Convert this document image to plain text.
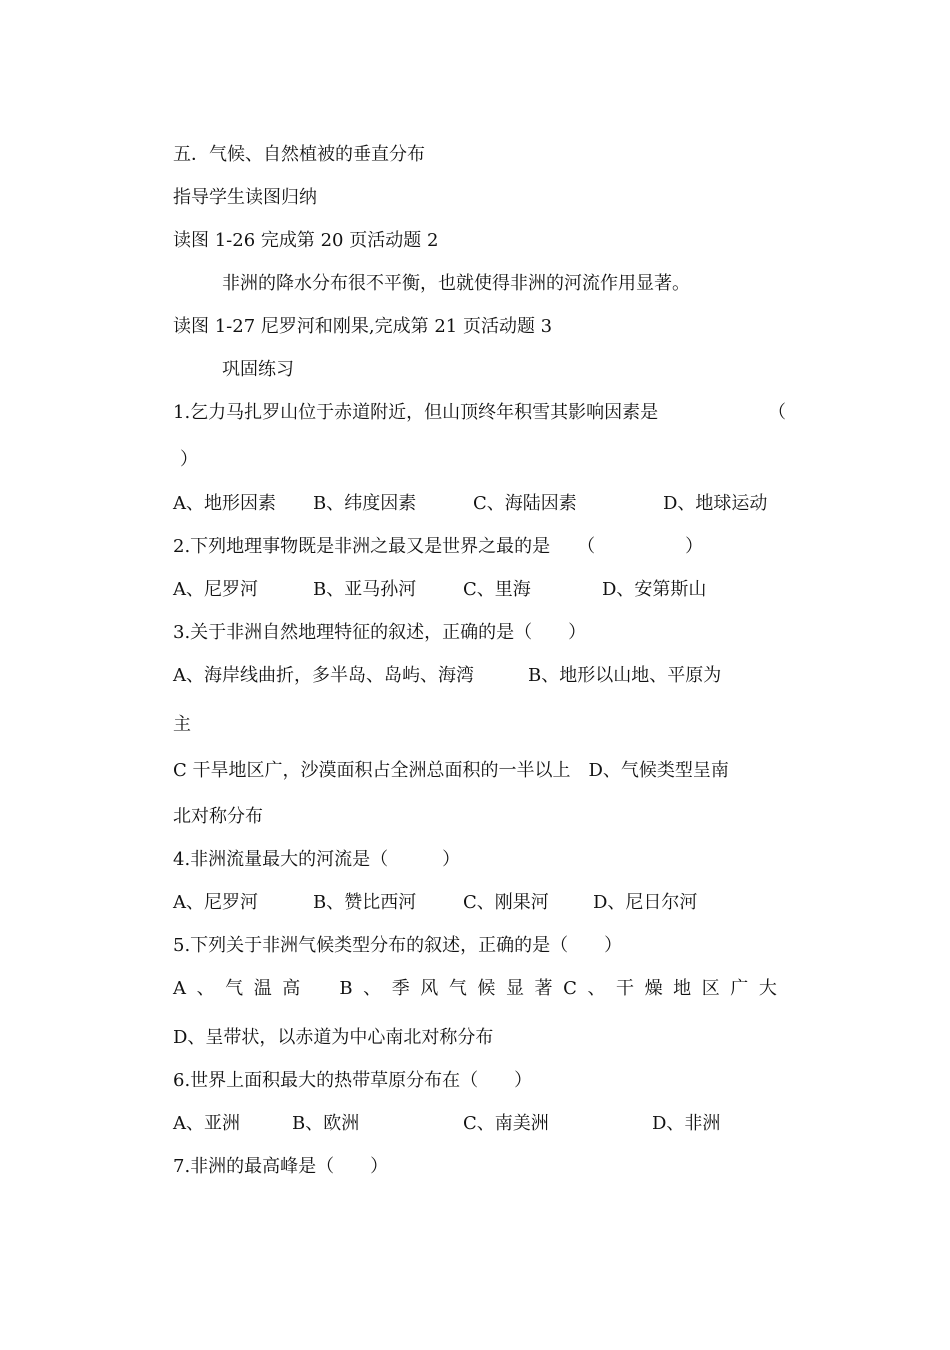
五．气候、自然植被的垂直分布
指导学生读图归纳
读图 1-26 完成第 20 页活动题 2
非洲的降水分布很不平衡，也就使得非洲的河流作用显著。
读图 1-27 尼罗河和刚果,完成第 21 页活动题 3
巩固练习
1.乞力马扎罗山位于赤道附近，但山顶终年积雪其影响因素是	（
）
A、地形因素 B、纬度因素	C、海陆因素	D、地球运动
2.下列地理事物既是非洲之最又是世界之最的是　　（　　　　　）
A、尼罗河	B、亚马孙河	C、里海	D、安第斯山
3.关于非洲自然地理特征的叙述，正确的是（　　）
A、海岸线曲折，多半岛、岛屿、海湾　　　B、地形以山地、平原为
主
C 干旱地区广，沙漠面积占全洲总面积的一半以上　D、气候类型呈南
北对称分布
4.非洲流量最大的河流是（　　　）
A、尼罗河	B、赞比西河	C、刚果河 D、尼日尔河
5.下列关于非洲气候类型分布的叙述，正确的是（　　）
A 、 气 温 高
　 B 、 季 风 气 候 显 著 C 、 干 燥 地 区 广 大
D、呈带状，以赤道为中心南北对称分布
6.世界上面积最大的热带草原分布在（　　）
A、亚洲	B、欧洲	C、南美洲	D、非洲
7.非洲的最高峰是（　　）
